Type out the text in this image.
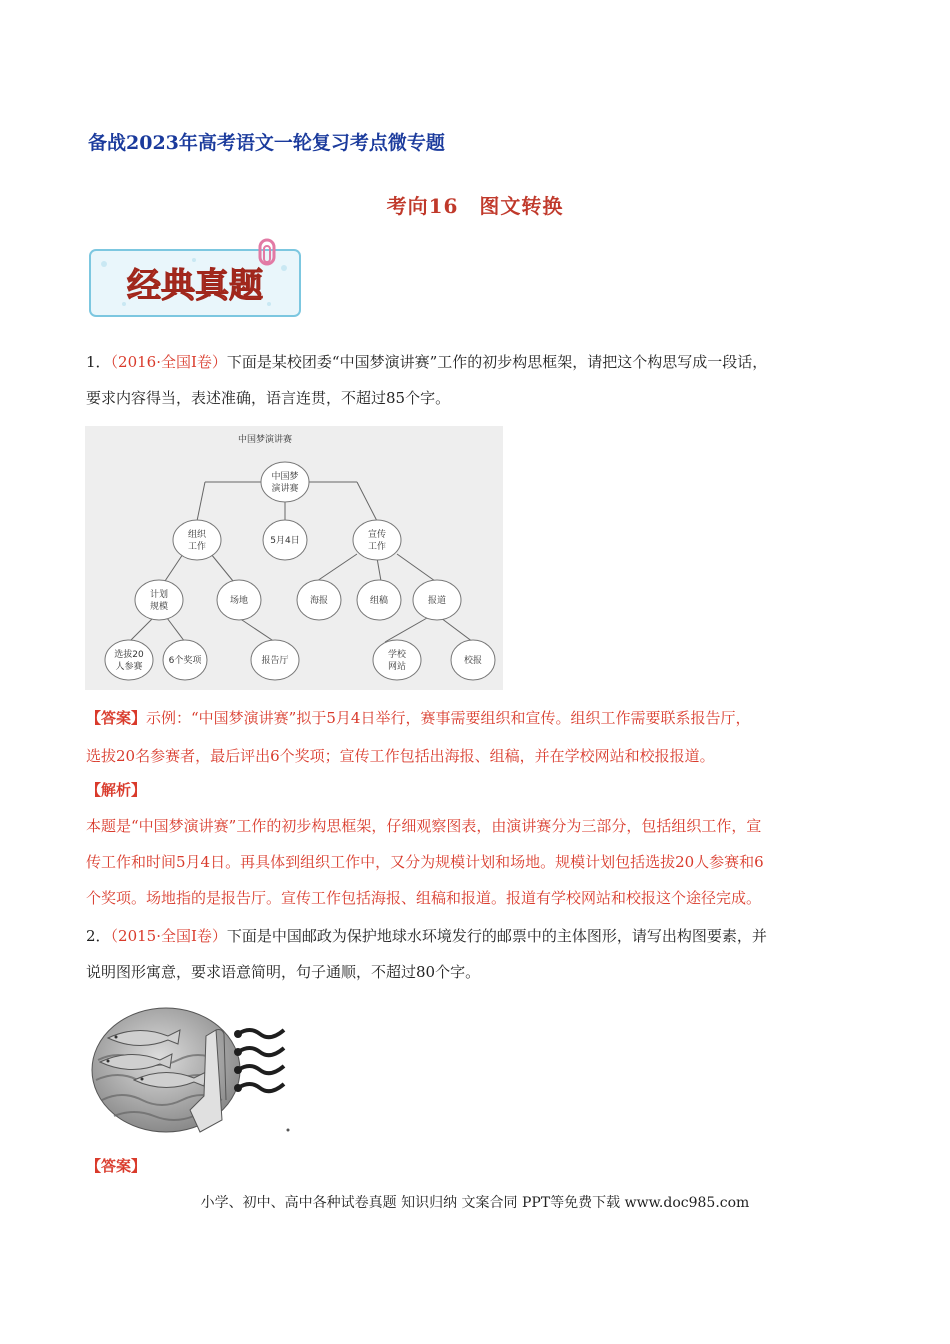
备战2023年高考语文一轮复习考点微专题
考向16　图文转换
经典真题
1．（2016·全国Ⅰ卷）下面是某校团委“中国梦演讲赛”工作的初步构思框架，请把这个构思写成一段话，
要求内容得当，表述准确，语言连贯，不超过85个字。
中国梦演讲赛
中国梦
演讲赛
组织
工作
5月4日
宣传
工作
计划
规模
场地	海报	组稿	报道
选拔20
人参赛
6个奖项	报告厅
学校
网站
校报
【答案】示例：“中国梦演讲赛”拟于5月4日举行，赛事需要组织和宣传。组织工作需要联系报告厅，
选拔20名参赛者，最后评出6个奖项；宣传工作包括出海报、组稿，并在学校网站和校报报道。
【解析】
本题是“中国梦演讲赛”工作的初步构思框架，仔细观察图表，由演讲赛分为三部分，包括组织工作，宣
传工作和时间5月4日。再具体到组织工作中，又分为规模计划和场地。规模计划包括选拔20人参赛和6
个奖项。场地指的是报告厅。宣传工作包括海报、组稿和报道。报道有学校网站和校报这个途径完成。
2．（2015·全国Ⅰ卷）下面是中国邮政为保护地球水环境发行的邮票中的主体图形，请写出构图要素，并
说明图形寓意，要求语意简明，句子通顺，不超过80个字。
【答案】
小学、初中、高中各种试卷真题 知识归纳 文案合同 PPT等免费下载 www.doc985.com
